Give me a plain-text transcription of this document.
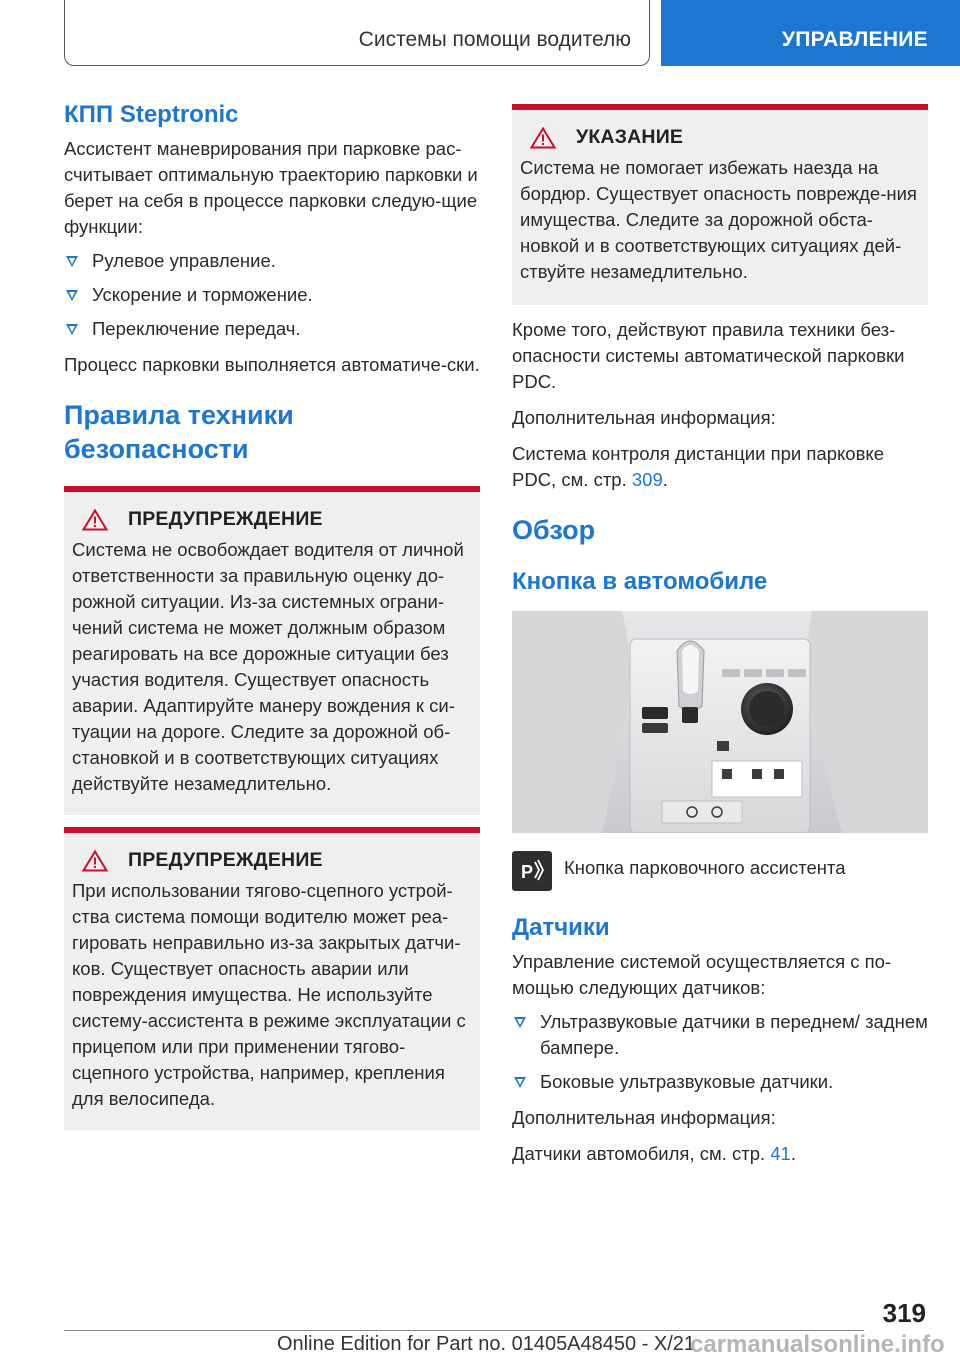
Системы помощи водителю	УПРАВЛЕНИЕ
КПП Steptronic

Ассистент маневрирования при парковке рас-считывает оптимальную траекторию парковки и берет на себя в процессе парковки следую-щие функции:

Рулевое управление.
Ускорение и торможение.
Переключение передач.

Процесс парковки выполняется автоматиче-ски.

Правила техники безопасности
ПРЕДУПРЕЖДЕНИЕ

Система не освобождает водителя от личной ответственности за правильную оценку до-рожной ситуации. Из-за системных ограни-чений система не может должным образом реагировать на все дорожные ситуации без участия водителя. Существует опасность аварии. Адаптируйте манеру вождения к си-туации на дороге. Следите за дорожной об-становкой и в соответствующих ситуациях действуйте незамедлительно.

ПРЕДУПРЕЖДЕНИЕ

При использовании тягово-сцепного устрой-ства система помощи водителю может реа-гировать неправильно из-за закрытых датчи-ков. Существует опасность аварии или повреждения имущества. Не используйте систему-ассистента в режиме эксплуатации с прицепом или при применении тягово-сцепного устройства, например, крепления для велосипеда.

УКАЗАНИЕ

Система не помогает избежать наезда на бордюр. Существует опасность поврежде-ния имущества. Следите за дорожной обста-новкой и в соответствующих ситуациях дей-ствуйте незамедлительно.

Кроме того, действуют правила техники без-опасности системы автоматической парковки PDC.

Дополнительная информация:

Система контроля дистанции при парковке PDC, см. стр. 309.

Обзор
Кнопка в автомобиле
P Кнопка парковочного ассистента

Датчики

Управление системой осуществляется с по-мощью следующих датчиков:

Ультразвуковые датчики в переднем/ заднем бампере.
Боковые ультразвуковые датчики.

Дополнительная информация:

Датчики автомобиля, см. стр. 41.

319
Online Edition for Part no. 01405A48450 - X/21
carmanualsonline.info
